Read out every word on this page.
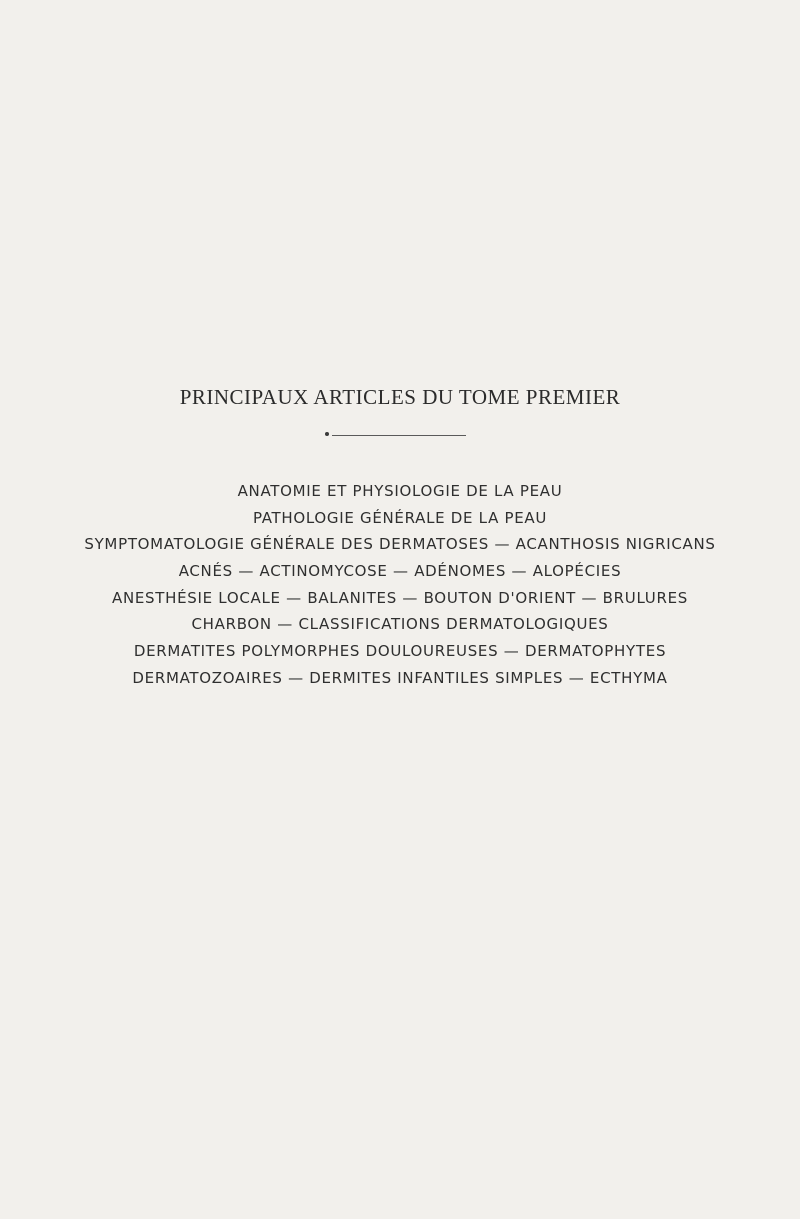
PRINCIPAUX ARTICLES DU TOME PREMIER
ANATOMIE ET PHYSIOLOGIE DE LA PEAU
PATHOLOGIE GÉNÉRALE DE LA PEAU
SYMPTOMATOLOGIE GÉNÉRALE DES DERMATOSES — ACANTHOSIS NIGRICANS
ACNÉS — ACTINOMYCOSE — ADÉNOMES — ALOPÉCIES
ANESTHÉSIE LOCALE — BALANITES — BOUTON D'ORIENT — BRULURES
CHARBON — CLASSIFICATIONS DERMATOLOGIQUES
DERMATITES POLYMORPHES DOULOUREUSES — DERMATOPHYTES
DERMATOZOAIRES — DERMITES INFANTILES SIMPLES — ECTHYMA
